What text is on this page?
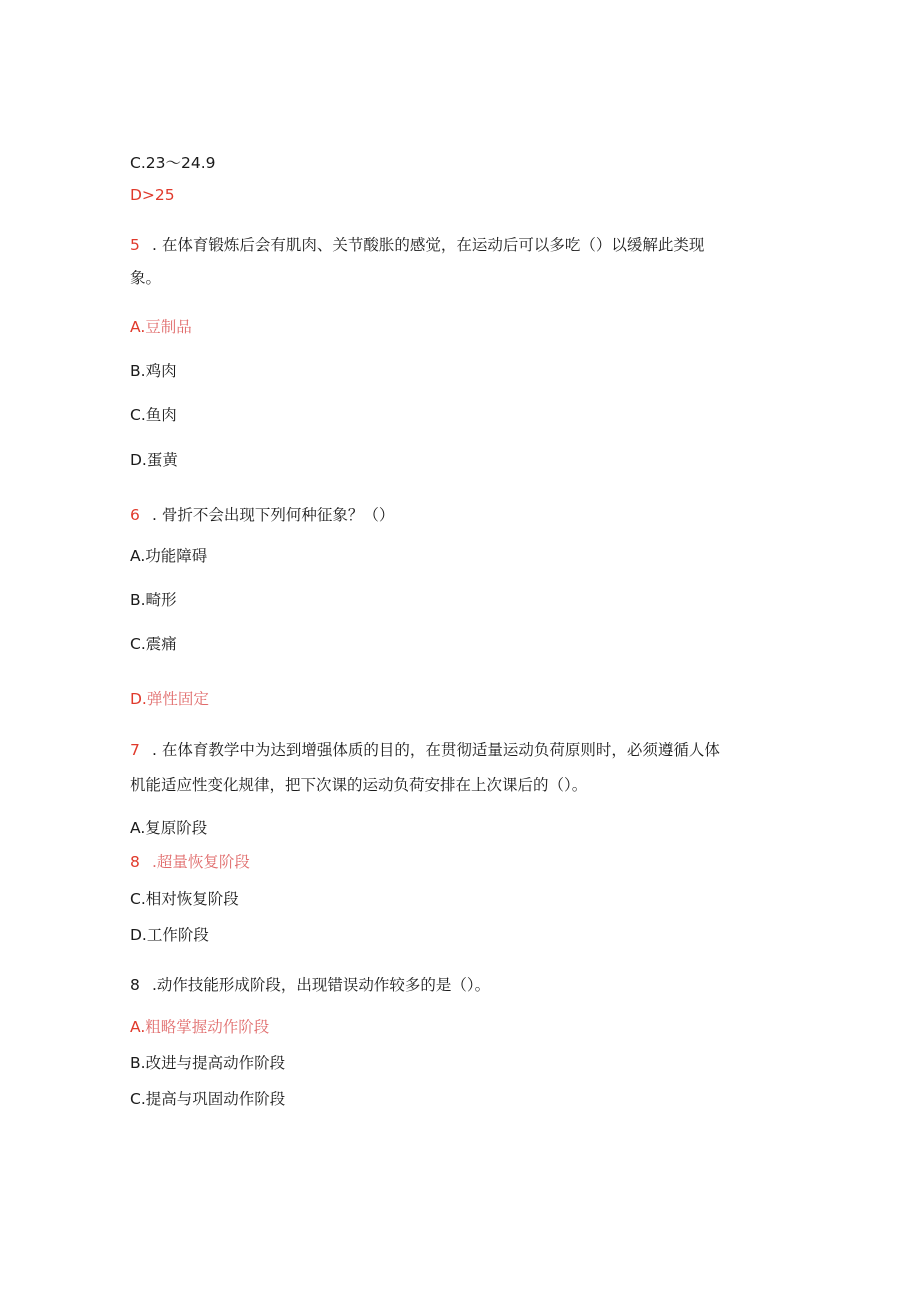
C.23～24.9
D>25
5 . 在体育锻炼后会有肌肉、关节酸胀的感觉，在运动后可以多吃（）以缓解此类现
象。
A.豆制品
B.鸡肉
C.鱼肉
D.蛋黄
6 . 骨折不会出现下列何种征象？（）
A.功能障碍
B.畸形
C.震痛
D.弹性固定
7 . 在体育教学中为达到增强体质的目的，在贯彻适量运动负荷原则时，必须遵循人体
机能适应性变化规律，把下次课的运动负荷安排在上次课后的（）。
A.复原阶段
8 .超量恢复阶段
C.相对恢复阶段
D.工作阶段
8 .动作技能形成阶段，出现错误动作较多的是（）。
A.粗略掌握动作阶段
B.改进与提高动作阶段
C.提高与巩固动作阶段
